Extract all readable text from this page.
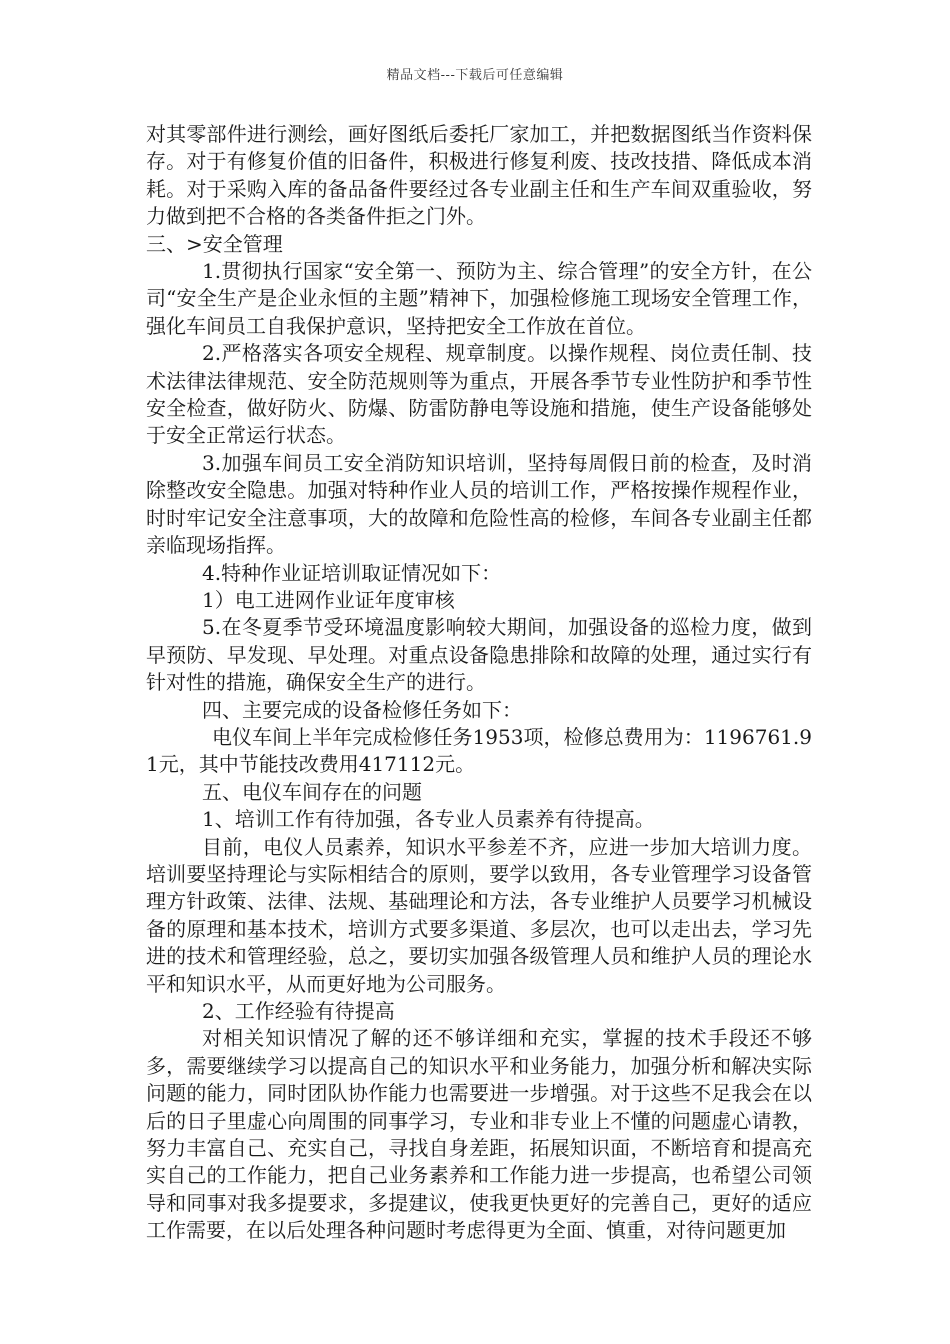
精品文档---下载后可任意编辑

对其零部件进行测绘，画好图纸后委托厂家加工，并把数据图纸当作资料保存。对于有修复价值的旧备件，积极进行修复利废、技改技措、降低成本消耗。对于采购入库的备品备件要经过各专业副主任和生产车间双重验收，努力做到把不合格的各类备件拒之门外。

三、>安全管理

1.贯彻执行国家“安全第一、预防为主、综合管理”的安全方针，在公司“安全生产是企业永恒的主题”精神下，加强检修施工现场安全管理工作，强化车间员工自我保护意识，坚持把安全工作放在首位。

2.严格落实各项安全规程、规章制度。以操作规程、岗位责任制、技术法律法律规范、安全防范规则等为重点，开展各季节专业性防护和季节性安全检查，做好防火、防爆、防雷防静电等设施和措施，使生产设备能够处于安全正常运行状态。

3.加强车间员工安全消防知识培训，坚持每周假日前的检查，及时消除整改安全隐患。加强对特种作业人员的培训工作，严格按操作规程作业，时时牢记安全注意事项，大的故障和危险性高的检修，车间各专业副主任都亲临现场指挥。

4.特种作业证培训取证情况如下：

1）电工进网作业证年度审核

5.在冬夏季节受环境温度影响较大期间，加强设备的巡检力度，做到早预防、早发现、早处理。对重点设备隐患排除和故障的处理，通过实行有针对性的措施，确保安全生产的进行。

四、主要完成的设备检修任务如下：

电仪车间上半年完成检修任务1953项，检修总费用为：1196761.91元，其中节能技改费用417112元。

五、电仪车间存在的问题

1、培训工作有待加强，各专业人员素养有待提高。

目前，电仪人员素养，知识水平参差不齐，应进一步加大培训力度。培训要坚持理论与实际相结合的原则，要学以致用，各专业管理学习设备管理方针政策、法律、法规、基础理论和方法，各专业维护人员要学习机械设备的原理和基本技术，培训方式要多渠道、多层次，也可以走出去，学习先进的技术和管理经验，总之，要切实加强各级管理人员和维护人员的理论水平和知识水平，从而更好地为公司服务。

2、工作经验有待提高

对相关知识情况了解的还不够详细和充实，掌握的技术手段还不够多，需要继续学习以提高自己的知识水平和业务能力，加强分析和解决实际问题的能力，同时团队协作能力也需要进一步增强。对于这些不足我会在以后的日子里虚心向周围的同事学习，专业和非专业上不懂的问题虚心请教，努力丰富自己、充实自己，寻找自身差距，拓展知识面，不断培育和提高充实自己的工作能力，把自己业务素养和工作能力进一步提高，也希望公司领导和同事对我多提要求，多提建议，使我更快更好的完善自己，更好的适应工作需要，在以后处理各种问题时考虑得更为全面、慎重，对待问题更加
